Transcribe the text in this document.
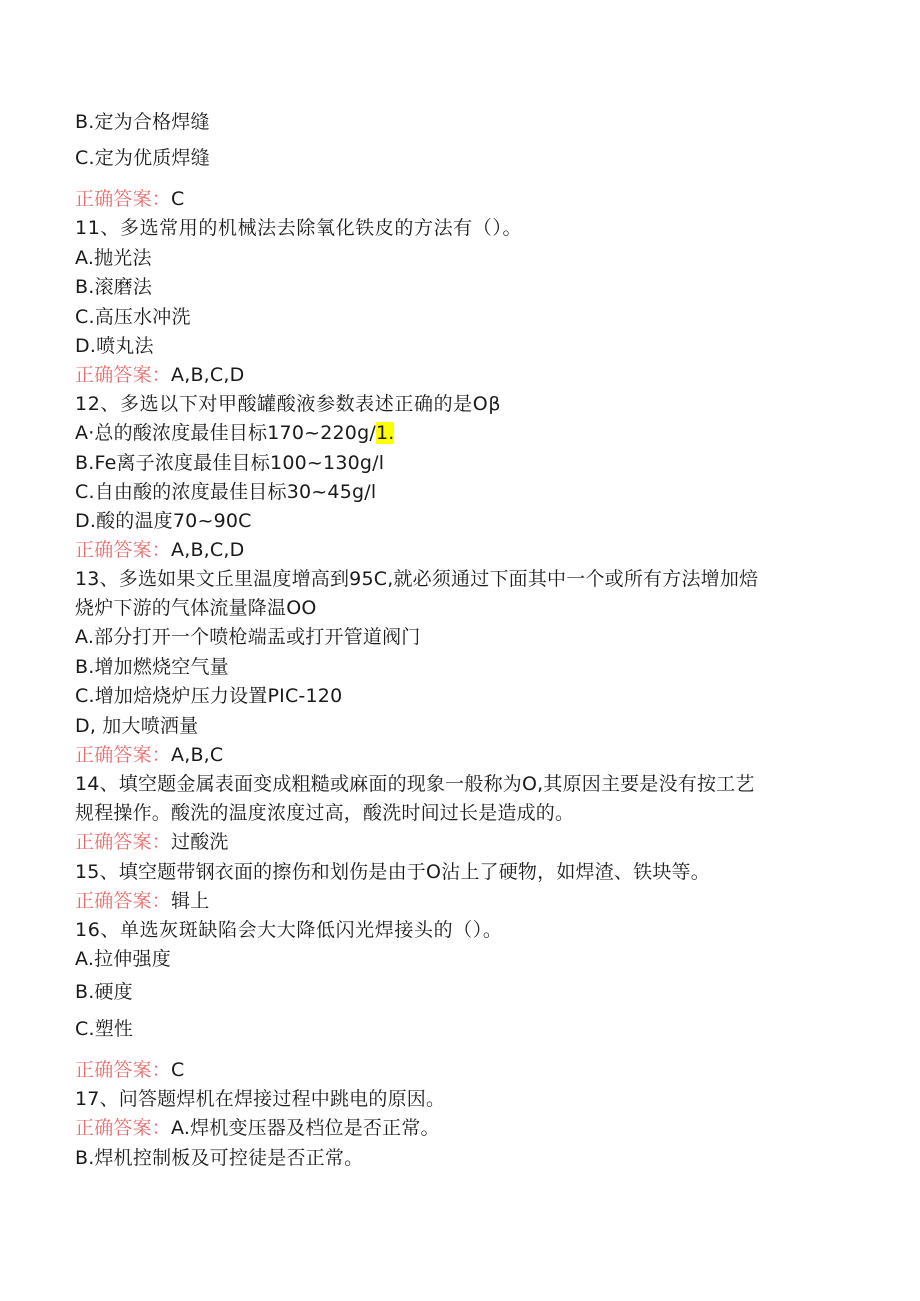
B.定为合格焊缝
C.定为优质焊缝
正确答案：C
11、多选常用的机械法去除氧化铁皮的方法有（）。
A.抛光法
B.滚磨法
C.高压水冲洗
D.喷丸法
正确答案：A,B,C,D
12、多选以下对甲酸罐酸液参数表述正确的是Oβ
A·总的酸浓度最佳目标170~220g/1.
B.Fe离子浓度最佳目标100~130g/l
C.自由酸的浓度最佳目标30~45g/l
D.酸的温度70~90C
正确答案：A,B,C,D
13、多选如果文丘里温度增高到95C,就必须通过下面其中一个或所有方法增加焙
烧炉下游的气体流量降温OO
A.部分打开一个喷枪端盂或打开管道阀门
B.增加燃烧空气量
C.增加焙烧炉压力设置PIC-120
D, 加大喷洒量
正确答案：A,B,C
14、填空题金属表面变成粗糙或麻面的现象一般称为O,其原因主要是没有按工艺
规程操作。酸洗的温度浓度过高，酸洗时间过长是造成的。
正确答案：过酸洗
15、填空题带钢衣面的擦伤和划伤是由于O沾上了硬物，如焊渣、铁块等。
正确答案：辑上
16、单选灰斑缺陷会大大降低闪光焊接头的（）。
A.拉伸强度
B.硬度
C.塑性
正确答案：C
17、问答题焊机在焊接过程中跳电的原因。
正确答案：A.焊机变压器及档位是否正常。
B.焊机控制板及可控徒是否正常。
